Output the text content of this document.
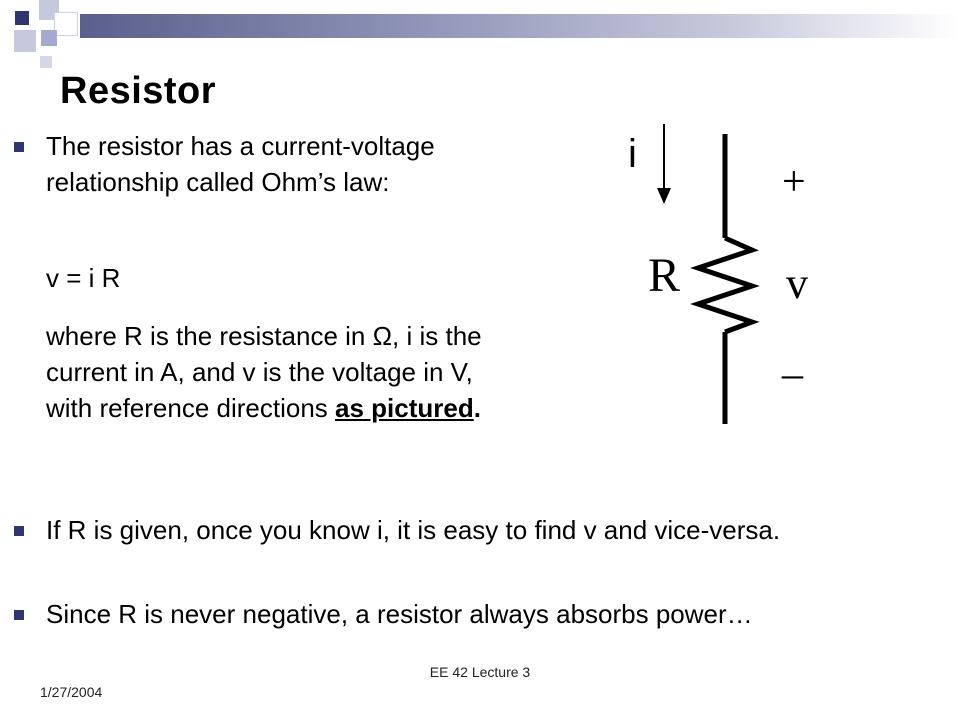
Resistor
The resistor has a current-voltage relationship called Ohm’s law:
v = i R
where R is the resistance in Ω, i is the current in A, and v is the voltage in V, with reference directions as pictured.
i
+
R v
_
If R is given, once you know i, it is easy to find v and vice-versa.
Since R is never negative, a resistor always absorbs power…
1/27/2004
EE 42 Lecture 3
